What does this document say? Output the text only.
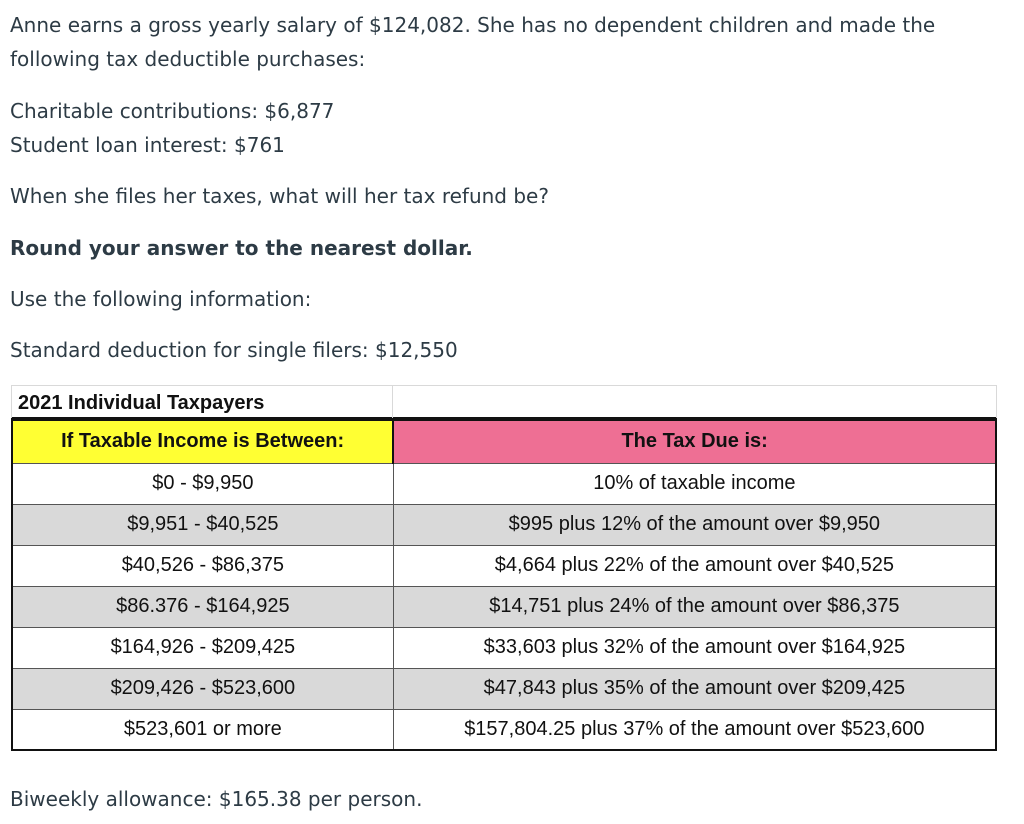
Anne earns a gross yearly salary of $124,082. She has no dependent children and made the

following tax deductible purchases:

Charitable contributions: $6,877

Student loan interest: $761

When she files her taxes, what will her tax refund be?

Round your answer to the nearest dollar.

Use the following information:

Standard deduction for single filers: $12,550

2021 Individual Taxpayers
If Taxable Income is Between:	The Tax Due is:
$0 - $9,950	10% of taxable income
$9,951 - $40,525	$995 plus 12% of the amount over $9,950
$40,526 - $86,375	$4,664 plus 22% of the amount over $40,525
$86.376 - $164,925	$14,751 plus 24% of the amount over $86,375
$164,926 - $209,425	$33,603 plus 32% of the amount over $164,925
$209,426 - $523,600	$47,843 plus 35% of the amount over $209,425
$523,601 or more	$157,804.25 plus 37% of the amount over $523,600

Biweekly allowance: $165.38 per person.
